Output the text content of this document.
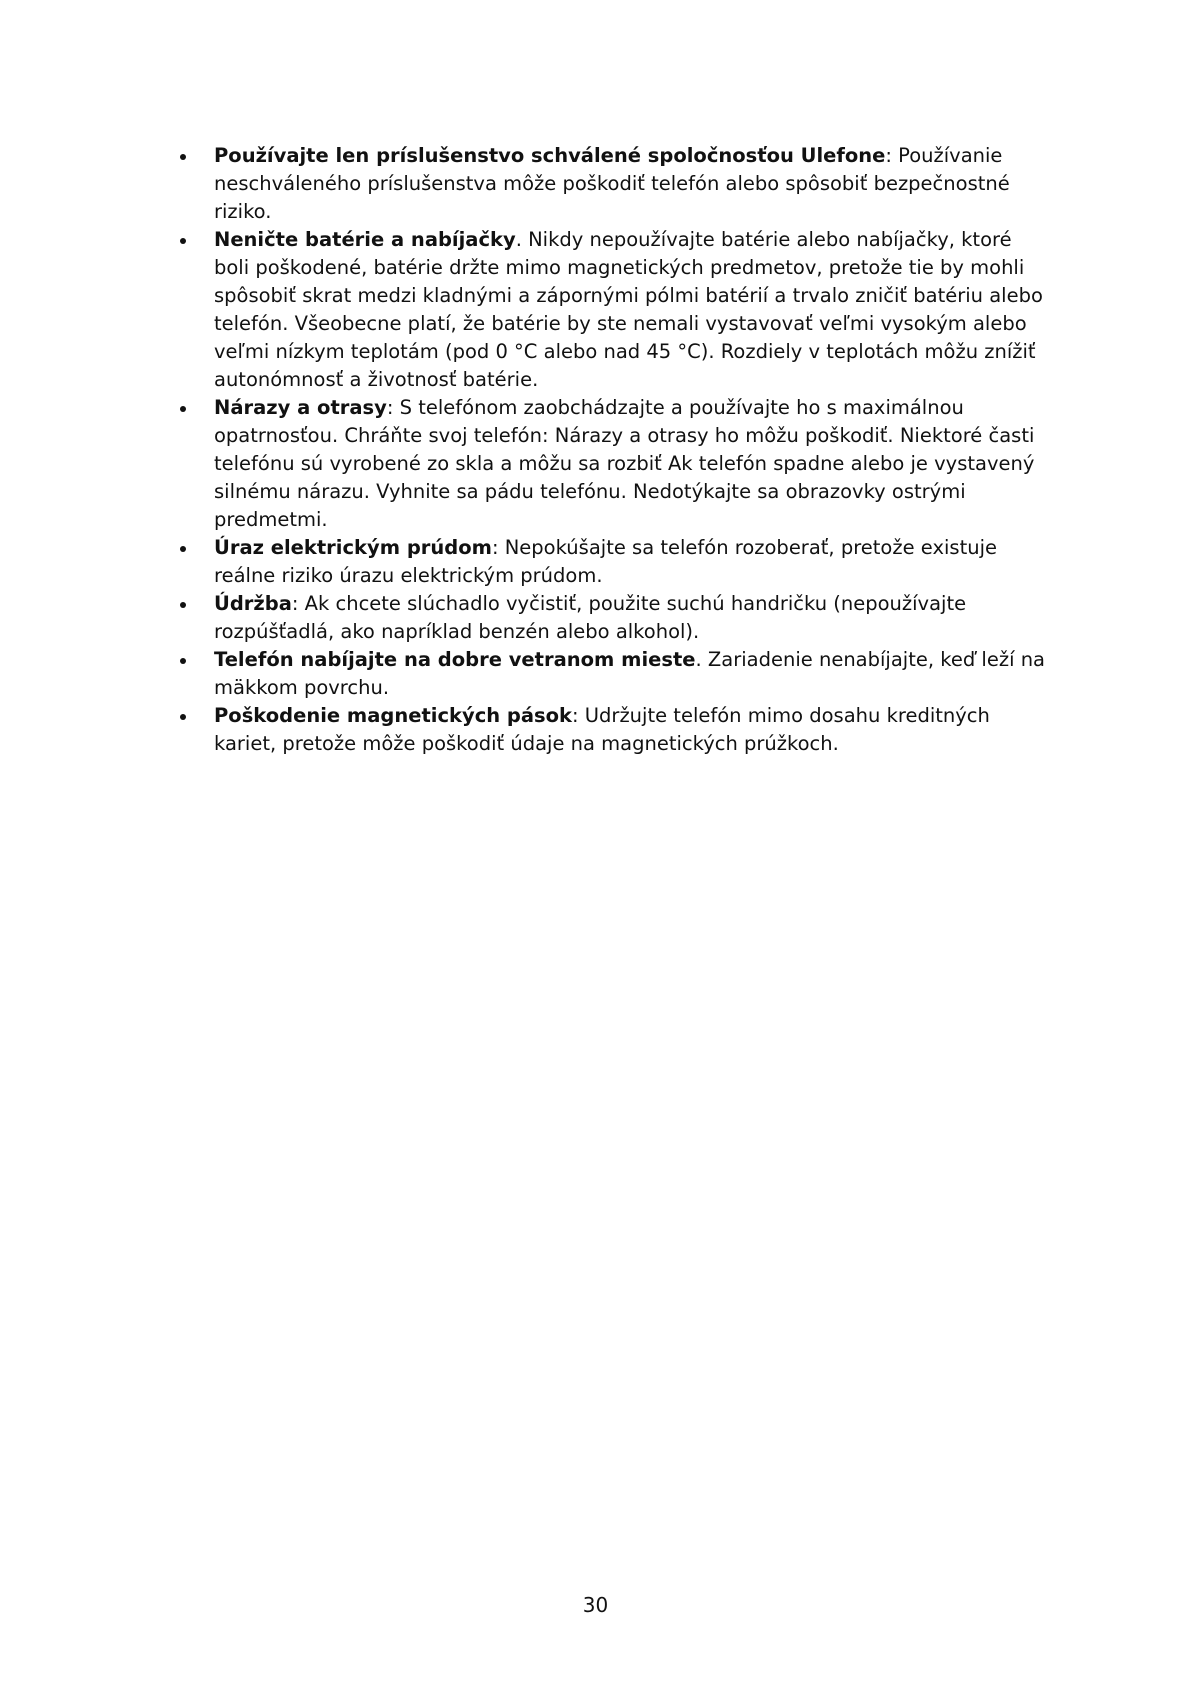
Používajte len príslušenstvo schválené spoločnosťou Ulefone: Používanie neschváleného príslušenstva môže poškodiť telefón alebo spôsobiť bezpečnostné riziko.
Neničte batérie a nabíjačky. Nikdy nepoužívajte batérie alebo nabíjačky, ktoré boli poškodené, batérie držte mimo magnetických predmetov, pretože tie by mohli spôsobiť skrat medzi kladnými a zápornými pólmi batérií a trvalo zničiť batériu alebo telefón. Všeobecne platí, že batérie by ste nemali vystavovať veľmi vysokým alebo veľmi nízkym teplotám (pod 0 °C alebo nad 45 °C). Rozdiely v teplotách môžu znížiť autonómnosť a životnosť batérie.
Nárazy a otrasy: S telefónom zaobchádzajte a používajte ho s maximálnou opatrnosťou. Chráňte svoj telefón: Nárazy a otrasy ho môžu poškodiť. Niektoré časti telefónu sú vyrobené zo skla a môžu sa rozbiť Ak telefón spadne alebo je vystavený silnému nárazu. Vyhnite sa pádu telefónu. Nedotýkajte sa obrazovky ostrými predmetmi.
Úraz elektrickým prúdom: Nepokúšajte sa telefón rozoberať, pretože existuje reálne riziko úrazu elektrickým prúdom.
Údržba: Ak chcete slúchadlo vyčistiť, použite suchú handričku (nepoužívajte rozpúšťadlá, ako napríklad benzén alebo alkohol).
Telefón nabíjajte na dobre vetranom mieste. Zariadenie nenabíjajte, keď leží na mäkkom povrchu.
Poškodenie magnetických pások: Udržujte telefón mimo dosahu kreditných kariet, pretože môže poškodiť údaje na magnetických prúžkoch.
30
